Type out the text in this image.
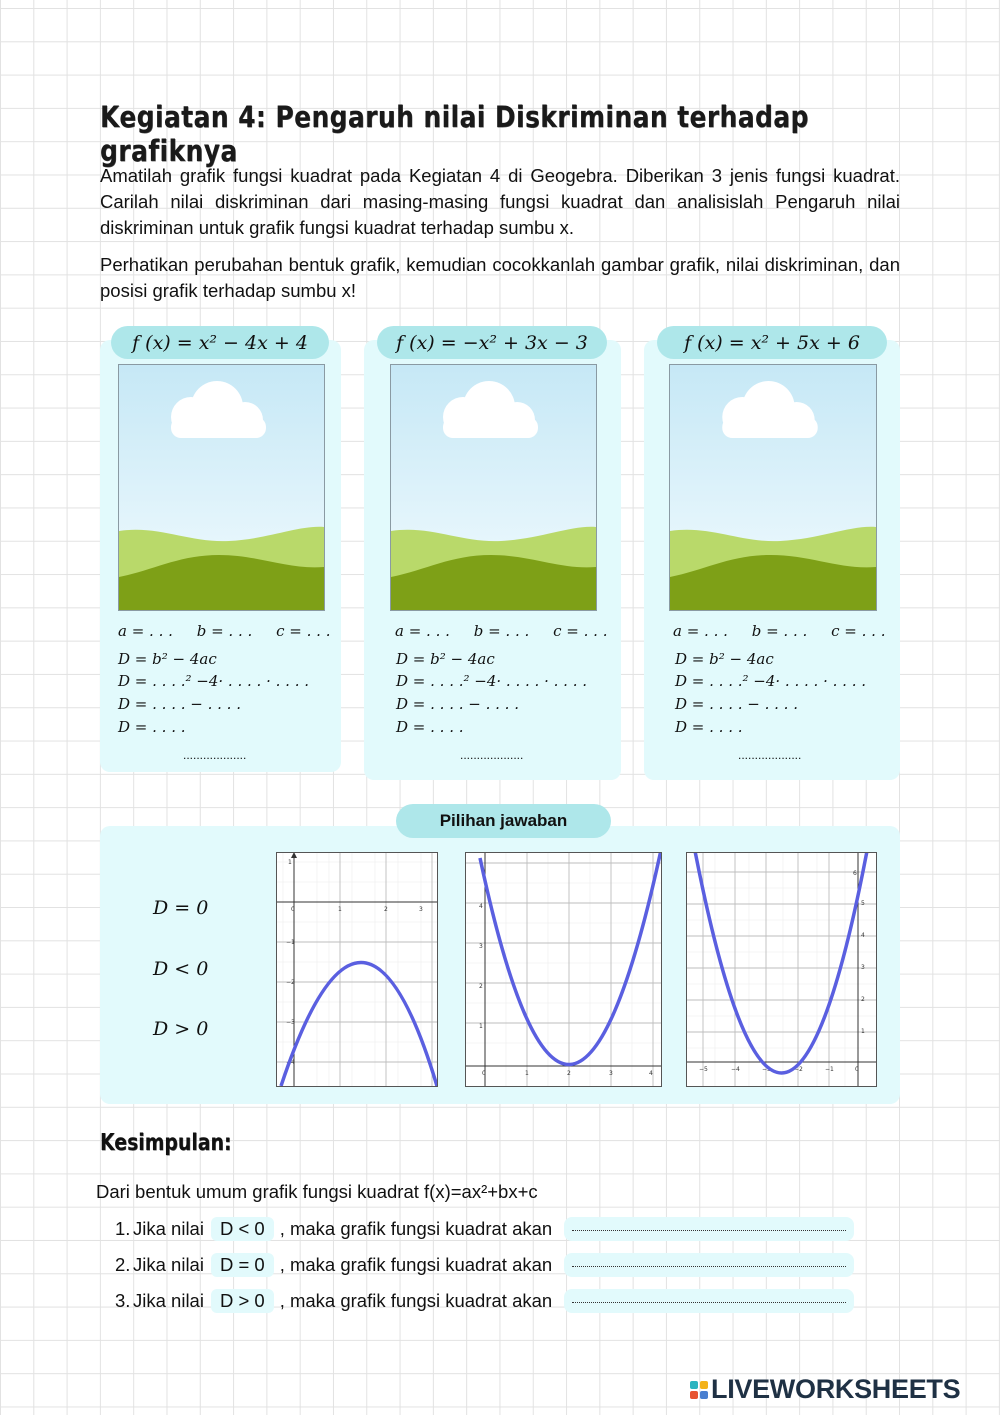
Kegiatan 4: Pengaruh nilai Diskriminan terhadap grafiknya
Amatilah grafik fungsi kuadrat pada Kegiatan 4 di Geogebra. Diberikan 3 jenis fungsi kuadrat. Carilah nilai diskriminan dari masing-masing fungsi kuadrat dan analisislah Pengaruh nilai diskriminan untuk grafik fungsi kuadrat terhadap sumbu x.
Perhatikan perubahan bentuk grafik, kemudian cocokkanlah gambar grafik, nilai diskriminan, dan posisi grafik terhadap sumbu x!
f (x) = x² − 4x + 4	f (x) = −x² + 3x − 3	f (x) = x² + 5x + 6
a = . . .     b = . . .     c = . . .
D = b² − 4ac
D = . . . .² −4· . . . . · . . . .
D = . . . . − . . . .
D = . . . .
...................
a = . . .     b = . . .     c = . . .
D = b² − 4ac
D = . . . .² −4· . . . . · . . . .
D = . . . . − . . . .
D = . . . .
...................
a = . . .     b = . . .     c = . . .
D = b² − 4ac
D = . . . .² −4· . . . . · . . . .
D = . . . . − . . . .
D = . . . .
...................
Pilihan jawaban
D = 0
D < 0
D > 0
0	1	2	3
1
−1
−2
−3
−4
0	1	2	3	4
1
2
3
4
5
−5	−4	−3	−2	−1	0
1
2
3
4
5
6
Kesimpulan:
Dari bentuk umum grafik fungsi kuadrat f(x)=ax²+bx+c
1. Jika nilai D < 0 , maka grafik fungsi kuadrat akan
2. Jika nilai D = 0 , maka grafik fungsi kuadrat akan
3. Jika nilai D > 0 , maka grafik fungsi kuadrat akan
LIVEWORKSHEETS
